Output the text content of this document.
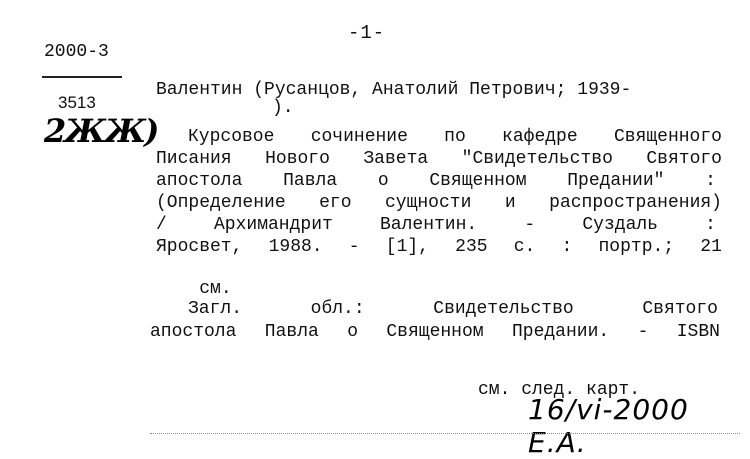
-1-
2000-3
3513
2ЖЖ)
Валентин (Русанцов, Анатолий Петрович; 1939-
).
Курсовое сочинение по кафедре Священного
Писания Нового Завета "Свидетельство Святого
апостола Павла о Священном Предании" :
(Определение его сущности и распространения)
/	Архимандрит	Валентин.	-	Суздаль	:
Яросвет, 1988. - [1], 235 с. : портр.; 21

см.

Загл.	обл.:	Свидетельство	Святого
апостола Павла о Священном Предании. - ISBN
см. след. карт.
16/vi-2000 Е.А.
